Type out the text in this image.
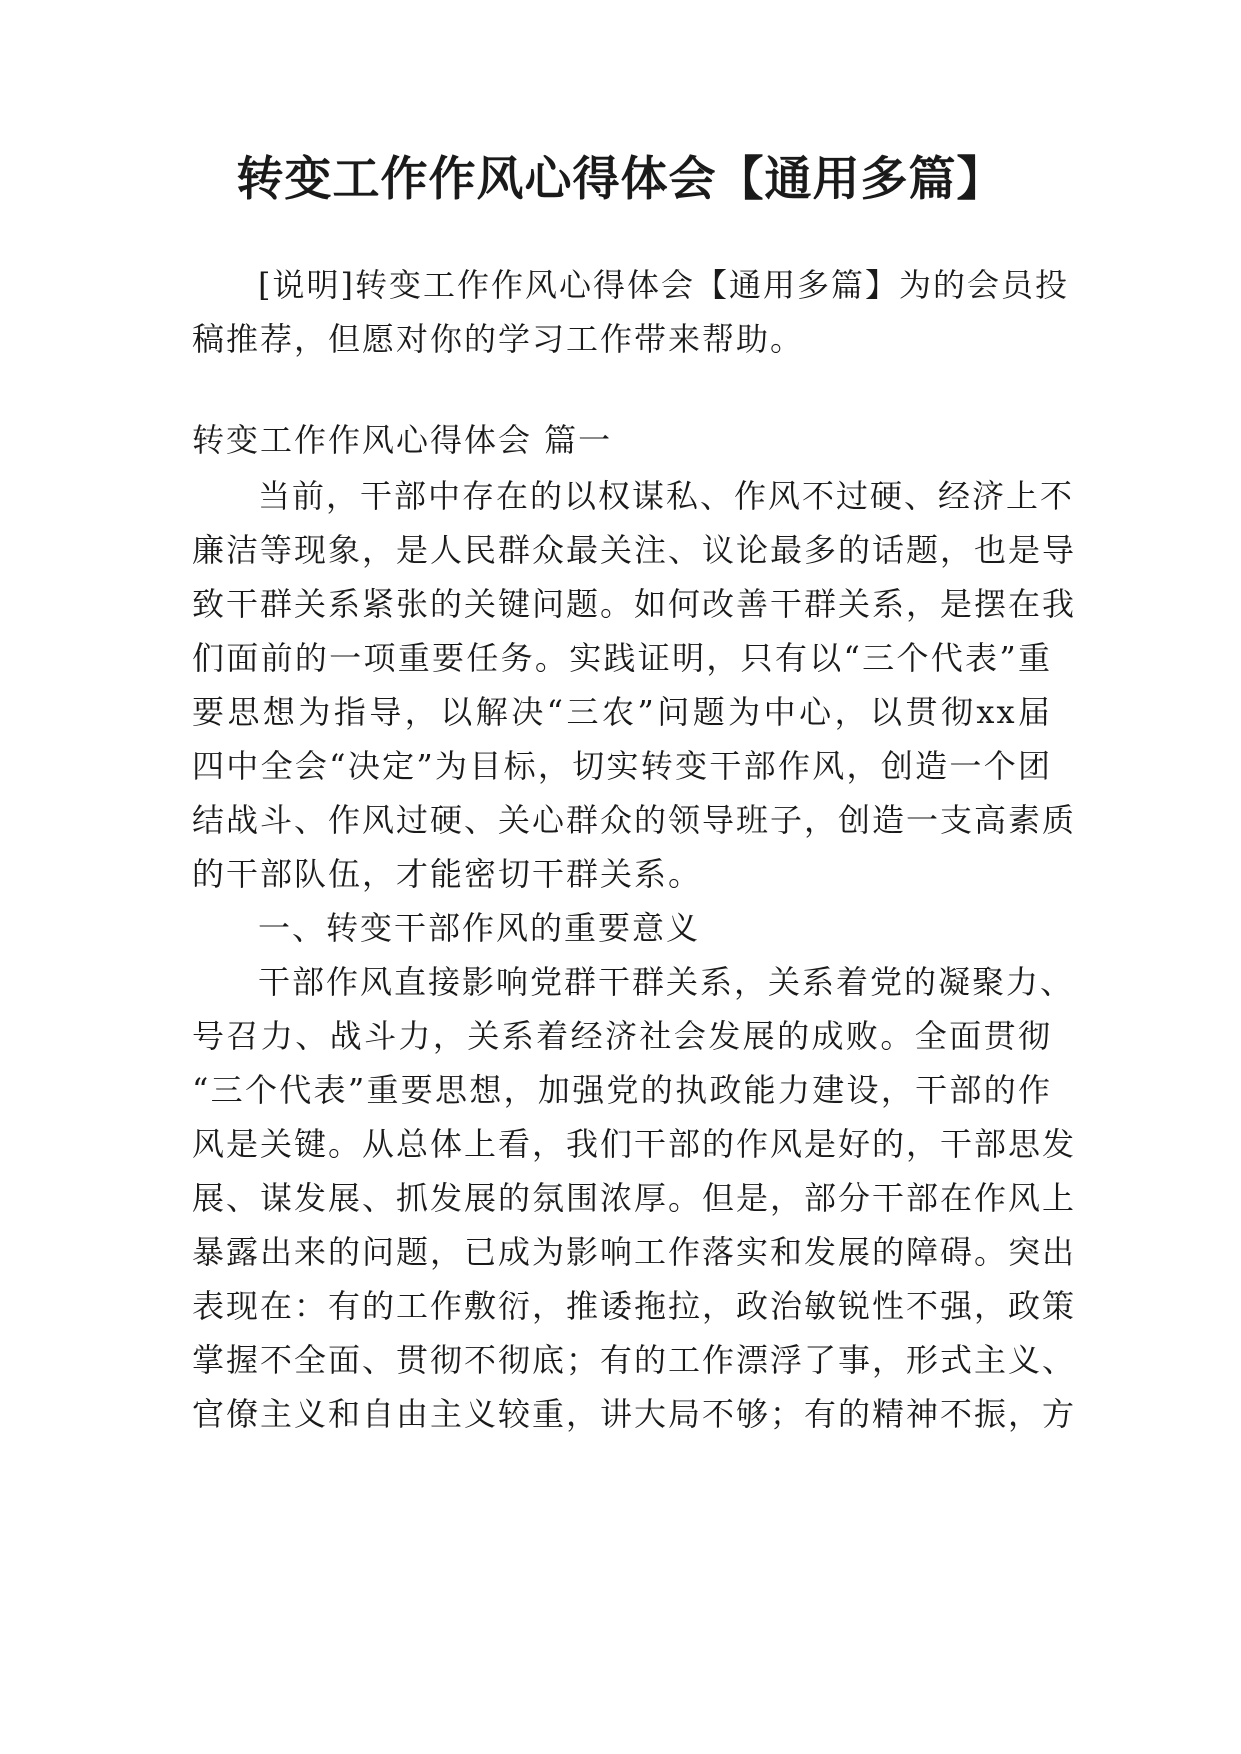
转变工作作风心得体会【通用多篇】

[说明]转变工作作风心得体会【通用多篇】为的会员投

稿推荐，但愿对你的学习工作带来帮助。

转变工作作风心得体会 篇一

当前，干部中存在的以权谋私、作风不过硬、经济上不

廉洁等现象，是人民群众最关注、议论最多的话题，也是导

致干群关系紧张的关键问题。如何改善干群关系，是摆在我

们面前的一项重要任务。实践证明，只有以“三个代表”重

要思想为指导，以解决“三农”问题为中心，以贯彻xx届

四中全会“决定”为目标，切实转变干部作风，创造一个团

结战斗、作风过硬、关心群众的领导班子，创造一支高素质

的干部队伍，才能密切干群关系。

一、转变干部作风的重要意义

干部作风直接影响党群干群关系，关系着党的凝聚力、

号召力、战斗力，关系着经济社会发展的成败。全面贯彻

“三个代表”重要思想，加强党的执政能力建设，干部的作

风是关键。从总体上看，我们干部的作风是好的，干部思发

展、谋发展、抓发展的氛围浓厚。但是，部分干部在作风上

暴露出来的问题，已成为影响工作落实和发展的障碍。突出

表现在：有的工作敷衍，推诿拖拉，政治敏锐性不强，政策

掌握不全面、贯彻不彻底；有的工作漂浮了事，形式主义、

官僚主义和自由主义较重，讲大局不够；有的精神不振，方
